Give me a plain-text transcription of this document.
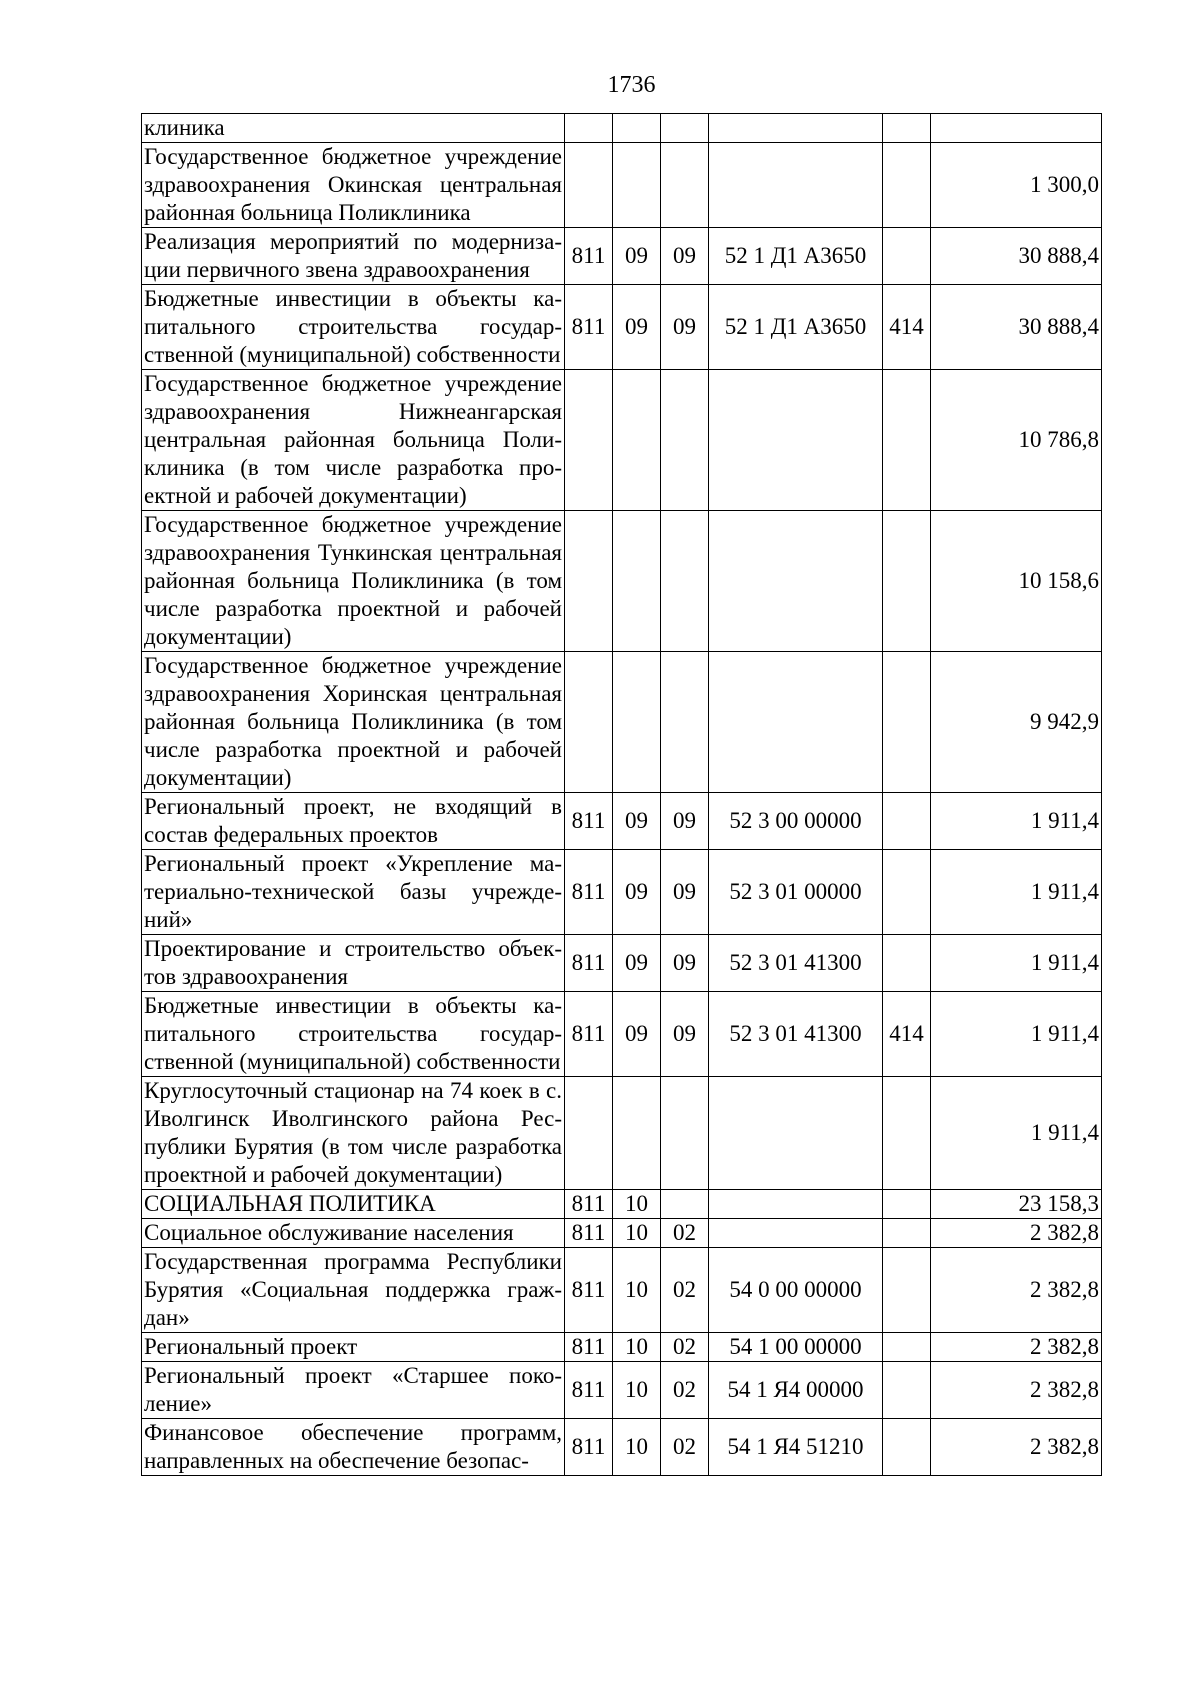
1736
клиника						
Государственное бюджетное учреждение здравоохранения Окинская центральная районная больница Поликлиника						1 300,0
Реализация мероприятий по модернизации первичного звена здравоохранения	811	09	09	52 1 Д1 А3650		30 888,4
Бюджетные инвестиции в объекты капитального строительства государственной (муниципальной) собственности	811	09	09	52 1 Д1 А3650	414	30 888,4
Государственное бюджетное учреждение здравоохранения Нижнеангарская центральная районная больница Поликлиника (в том числе разработка проектной и рабочей документации)						10 786,8
Государственное бюджетное учреждение здравоохранения Тункинская центральная районная больница Поликлиника (в том числе разработка проектной и рабочей документации)						10 158,6
Государственное бюджетное учреждение здравоохранения Хоринская центральная районная больница Поликлиника (в том числе разработка проектной и рабочей документации)						9 942,9
Региональный проект, не входящий в состав федеральных проектов	811	09	09	52 3 00 00000		1 911,4
Региональный проект «Укрепление материально-технической базы учреждений»	811	09	09	52 3 01 00000		1 911,4
Проектирование и строительство объектов здравоохранения	811	09	09	52 3 01 41300		1 911,4
Бюджетные инвестиции в объекты капитального строительства государственной (муниципальной) собственности	811	09	09	52 3 01 41300	414	1 911,4
Круглосуточный стационар на 74 коек в с. Иволгинск Иволгинского района Республики Бурятия (в том числе разработка проектной и рабочей документации)						1 911,4
СОЦИАЛЬНАЯ ПОЛИТИКА	811	10				23 158,3
Социальное обслуживание населения	811	10	02			2 382,8
Государственная программа Республики Бурятия «Социальная поддержка граждан»	811	10	02	54 0 00 00000		2 382,8
Региональный проект	811	10	02	54 1 00 00000		2 382,8
Региональный проект «Старшее поколение»	811	10	02	54 1 Я4 00000		2 382,8
Финансовое обеспечение программ, направленных на обеспечение безопас-	811	10	02	54 1 Я4 51210		2 382,8
